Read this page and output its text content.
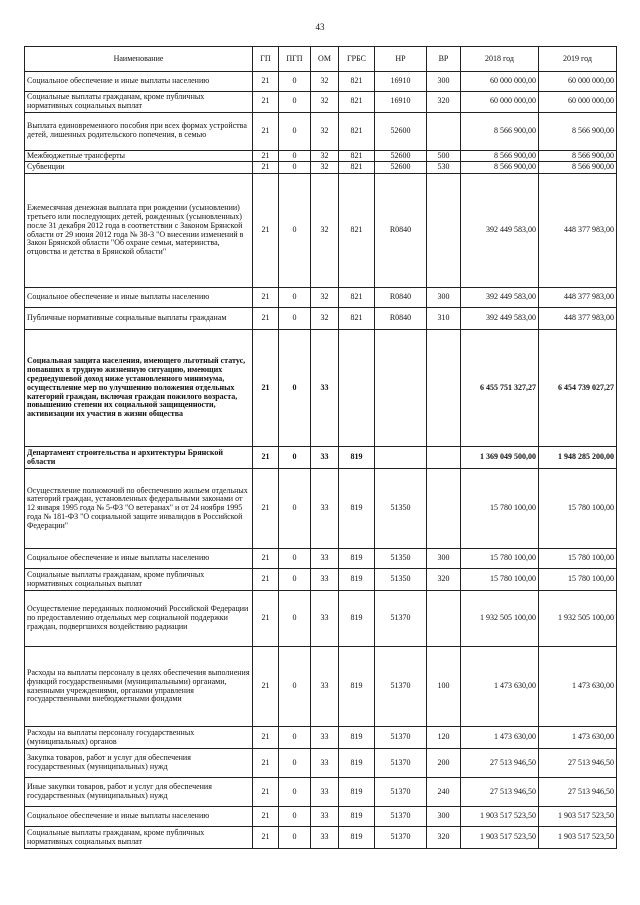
43
Наименование	ГП	ПГП	ОМ	ГРБС	НР	ВР	2018 год	2019 год
Социальное обеспечение и иные выплаты населению	21	0	32	821	16910	300	60 000 000,00	60 000 000,00
Социальные выплаты гражданам, кроме публичных нормативных социальных выплат	21	0	32	821	16910	320	60 000 000,00	60 000 000,00
Выплата единовременного пособия при всех формах устройства детей, лишенных родительского попечения, в семью	21	0	32	821	52600		8 566 900,00	8 566 900,00
Межбюджетные трансферты	21	0	32	821	52600	500	8 566 900,00	8 566 900,00
Субвенции	21	0	32	821	52600	530	8 566 900,00	8 566 900,00
Ежемесячная денежная выплата при рождении (усыновлении) третьего или последующих детей, рожденных (усыновленных) после 31 декабря 2012 года в соответствии с Законом Брянской области от 29 июня 2012 года № 38-З "О внесении изменений в Закон Брянской области "Об охране семьи, материнства, отцовства и детства в Брянской области"	21	0	32	821	R0840		392 449 583,00	448 377 983,00
Социальное обеспечение и иные выплаты населению	21	0	32	821	R0840	300	392 449 583,00	448 377 983,00
Публичные нормативные социальные выплаты гражданам	21	0	32	821	R0840	310	392 449 583,00	448 377 983,00
Социальная защита населения, имеющего льготный статус, попавших в трудную жизненную ситуацию, имеющих среднедушевой доход ниже установленного минимума, осуществление мер по улучшению положения отдельных категорий граждан, включая граждан пожилого возраста, повышению степени их социальной защищенности, активизации их участия в жизни общества	21	0	33				6 455 751 327,27	6 454 739 027,27
Департамент строительства и архитектуры Брянской области	21	0	33	819			1 369 049 500,00	1 948 285 200,00
Осуществление полномочий по обеспечению жильем отдельных категорий граждан, установленных федеральными законами от 12 января 1995 года № 5-ФЗ "О ветеранах" и от 24 ноября 1995 года № 181-ФЗ "О социальной защите инвалидов в Российской Федерации"	21	0	33	819	51350		15 780 100,00	15 780 100,00
Социальное обеспечение и иные выплаты населению	21	0	33	819	51350	300	15 780 100,00	15 780 100,00
Социальные выплаты гражданам, кроме публичных нормативных социальных выплат	21	0	33	819	51350	320	15 780 100,00	15 780 100,00
Осуществление переданных полномочий Российской Федерации по предоставлению отдельных мер социальной поддержки граждан, подвергшихся воздействию радиации	21	0	33	819	51370		1 932 505 100,00	1 932 505 100,00
Расходы на выплаты персоналу в целях обеспечения выполнения функций государственными (муниципальными) органами, казенными учреждениями, органами управления государственными внебюджетными фондами	21	0	33	819	51370	100	1 473 630,00	1 473 630,00
Расходы на выплаты персоналу государственных (муниципальных) органов	21	0	33	819	51370	120	1 473 630,00	1 473 630,00
Закупка товаров, работ и услуг для обеспечения государственных (муниципальных) нужд	21	0	33	819	51370	200	27 513 946,50	27 513 946,50
Иные закупки товаров, работ и услуг для обеспечения государственных (муниципальных) нужд	21	0	33	819	51370	240	27 513 946,50	27 513 946,50
Социальное обеспечение и иные выплаты населению	21	0	33	819	51370	300	1 903 517 523,50	1 903 517 523,50
Социальные выплаты гражданам, кроме публичных нормативных социальных выплат	21	0	33	819	51370	320	1 903 517 523,50	1 903 517 523,50
